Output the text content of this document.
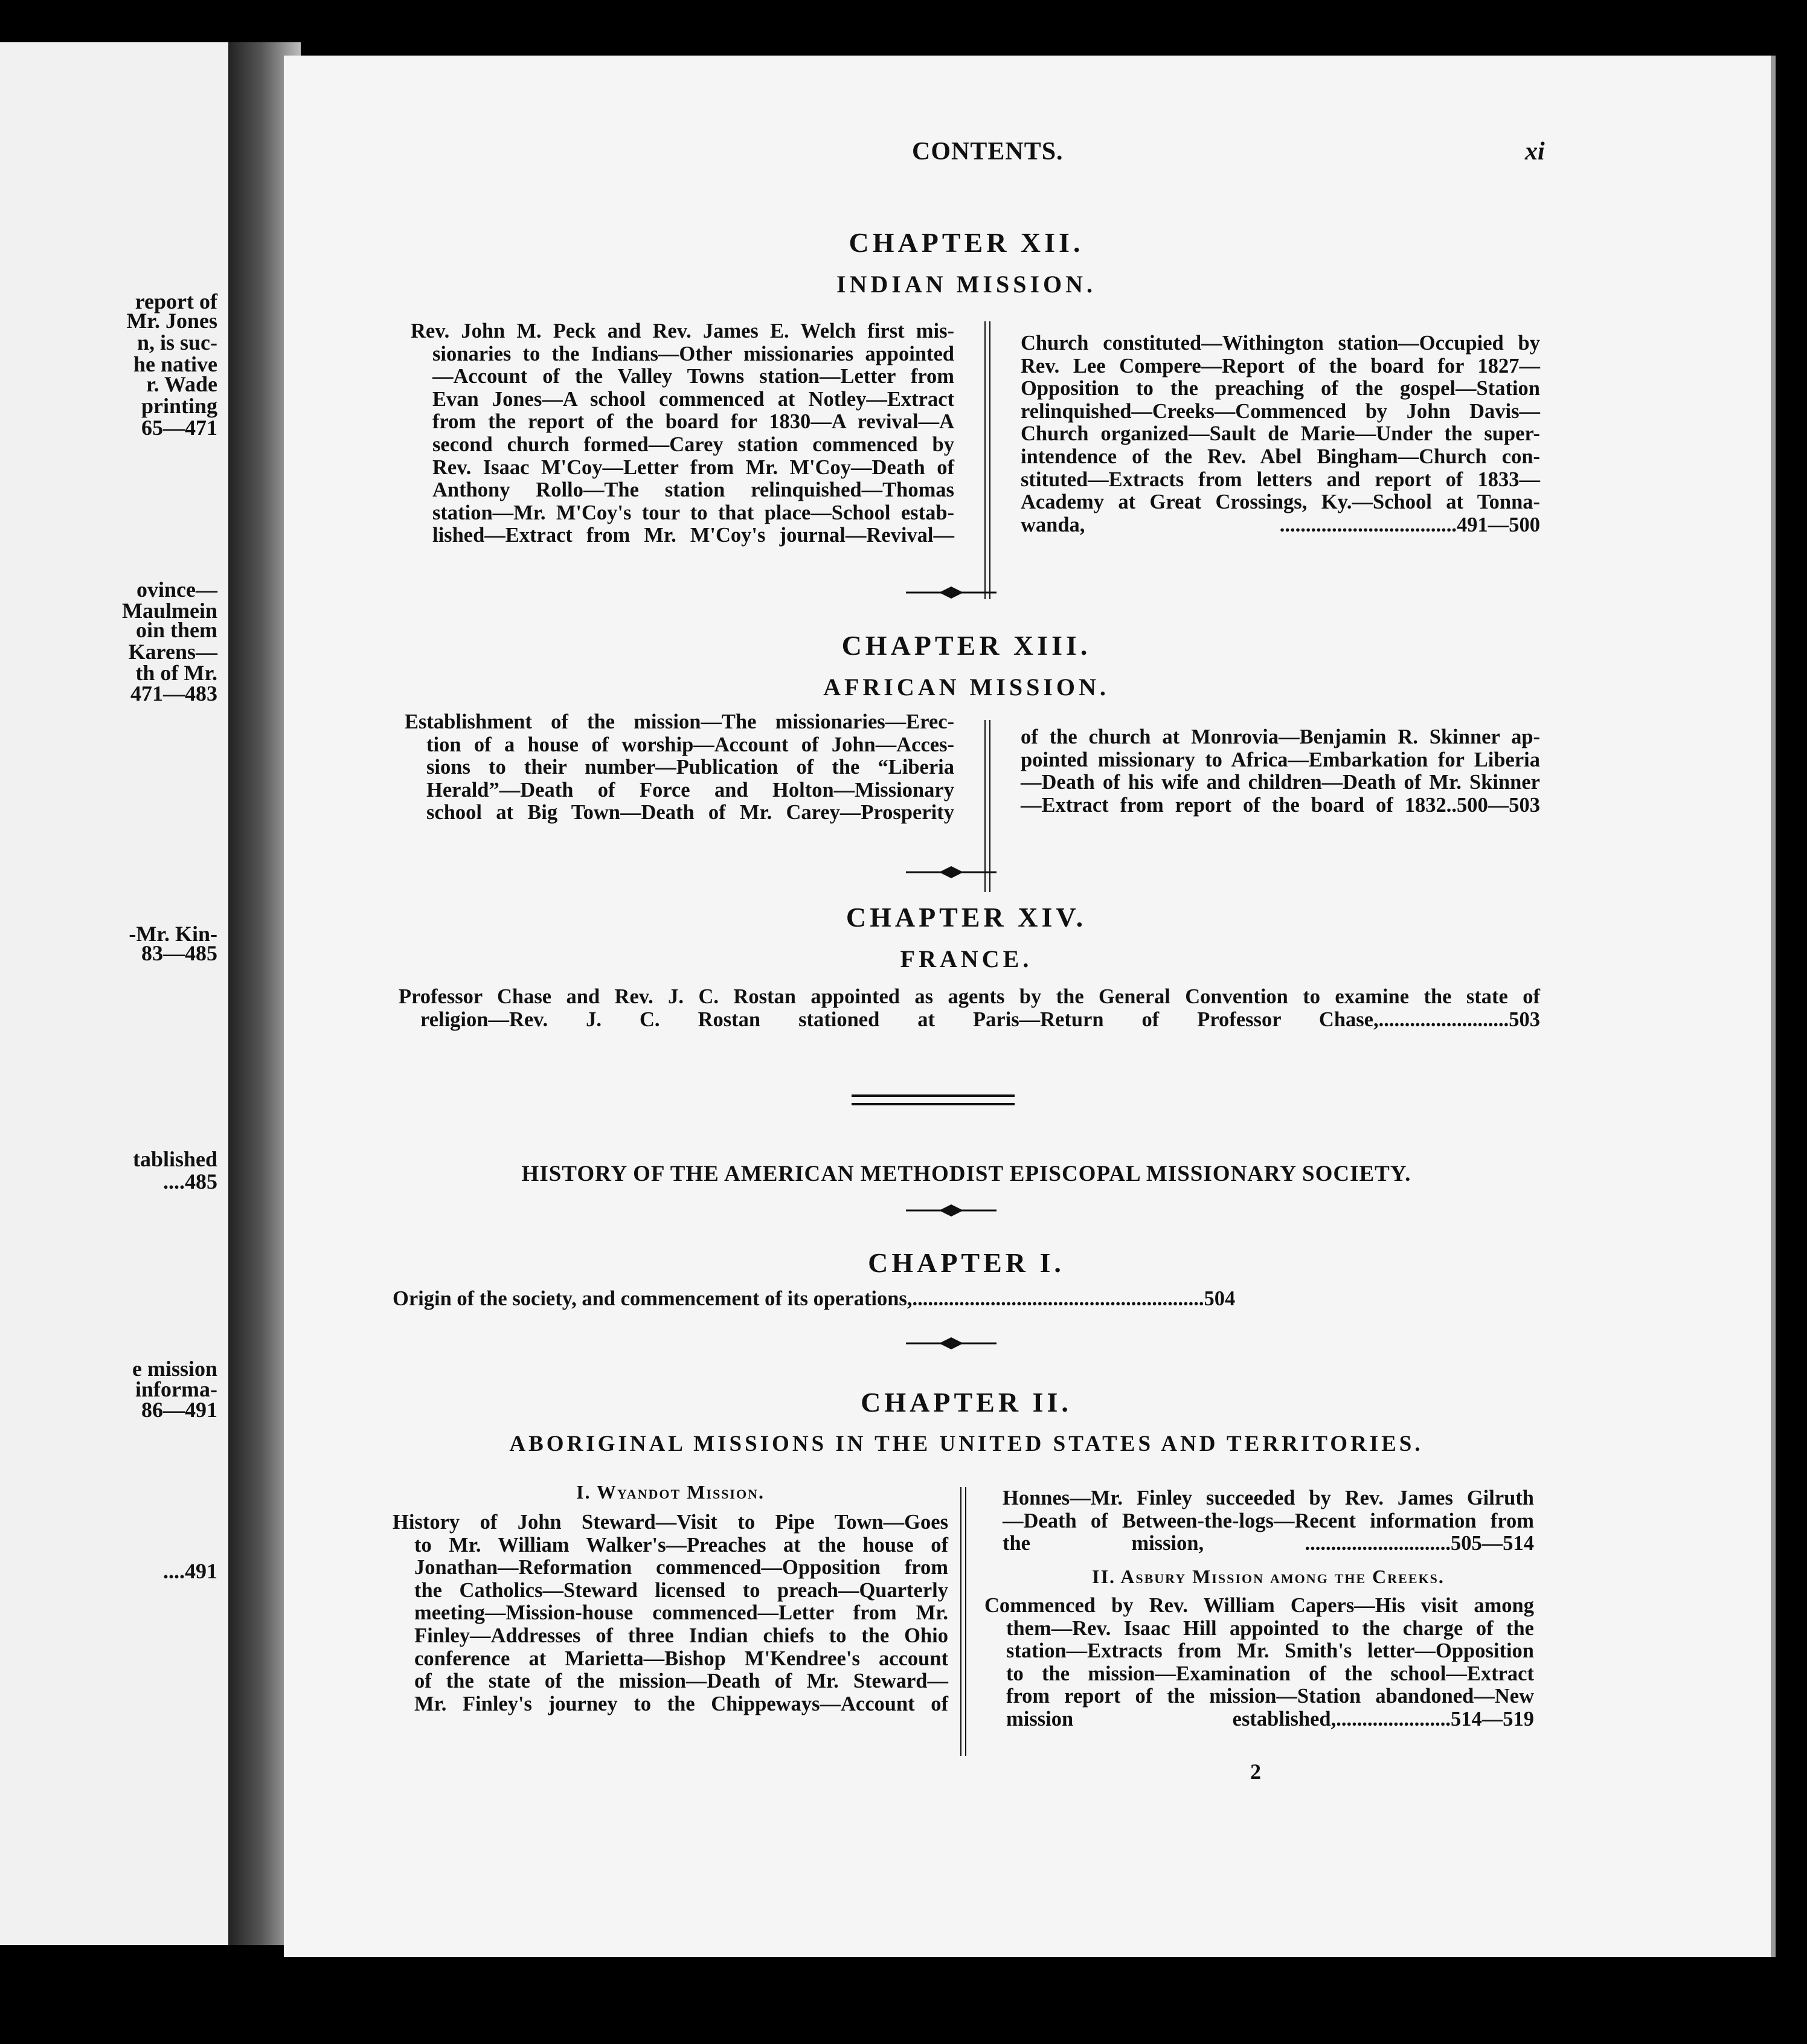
report of
Mr. Jones
n, is suc-
he native
r. Wade
printing
65—471
ovince—
Maulmein
oin them
Karens—
th of Mr.
471—483
-Mr. Kin-
83—485
tablished
....485
e mission
informa-
86—491
....491
CONTENTS.	xi
CHAPTER XII.
INDIAN MISSION.
Rev. John M. Peck and Rev. James E. Welch first mis-
sionaries to the Indians—Other missionaries appointed
—Account of the Valley Towns station—Letter from
Evan Jones—A school commenced at Notley—Extract
from the report of the board for 1830—A revival—A
second church formed—Carey station commenced by
Rev. Isaac M'Coy—Letter from Mr. M'Coy—Death of
Anthony Rollo—The station relinquished—Thomas
station—Mr. M'Coy's tour to that place—School estab-
lished—Extract from Mr. M'Coy's journal—Revival—
Church constituted—Withington station—Occupied by
Rev. Lee Compere—Report of the board for 1827—
Opposition to the preaching of the gospel—Station
relinquished—Creeks—Commenced by John Davis—
Church organized—Sault de Marie—Under the super-
intendence of the Rev. Abel Bingham—Church con-
stituted—Extracts from letters and report of 1833—
Academy at Great Crossings, Ky.—School at Tonna-
wanda, ..................................491—500
CHAPTER XIII.
AFRICAN MISSION.
Establishment of the mission—The missionaries—Erec-
tion of a house of worship—Account of John—Acces-
sions to their number—Publication of the “Liberia
Herald”—Death of Force and Holton—Missionary
school at Big Town—Death of Mr. Carey—Prosperity
of the church at Monrovia—Benjamin R. Skinner ap-
pointed missionary to Africa—Embarkation for Liberia
—Death of his wife and children—Death of Mr. Skinner
—Extract from report of the board of 1832..500—503
CHAPTER XIV.
FRANCE.
Professor Chase and Rev. J. C. Rostan appointed as agents by the General Convention to examine the state of
religion—Rev. J. C. Rostan stationed at Paris—Return of Professor Chase,.........................503
HISTORY OF THE AMERICAN METHODIST EPISCOPAL MISSIONARY SOCIETY.
CHAPTER I.
Origin of the society, and commencement of its operations,........................................................504
CHAPTER II.
ABORIGINAL MISSIONS IN THE UNITED STATES AND TERRITORIES.
I. Wyandot Mission.
History of John Steward—Visit to Pipe Town—Goes
to Mr. William Walker's—Preaches at the house of
Jonathan—Reformation commenced—Opposition from
the Catholics—Steward licensed to preach—Quarterly
meeting—Mission-house commenced—Letter from Mr.
Finley—Addresses of three Indian chiefs to the Ohio
conference at Marietta—Bishop M'Kendree's account
of the state of the mission—Death of Mr. Steward—
Mr. Finley's journey to the Chippeways—Account of
Honnes—Mr. Finley succeeded by Rev. James Gilruth
—Death of Between-the-logs—Recent information from
the mission, ............................505—514
II. Asbury Mission among the Creeks.
Commenced by Rev. William Capers—His visit among
them—Rev. Isaac Hill appointed to the charge of the
station—Extracts from Mr. Smith's letter—Opposition
to the mission—Examination of the school—Extract
from report of the mission—Station abandoned—New
mission established,......................514—519
2
